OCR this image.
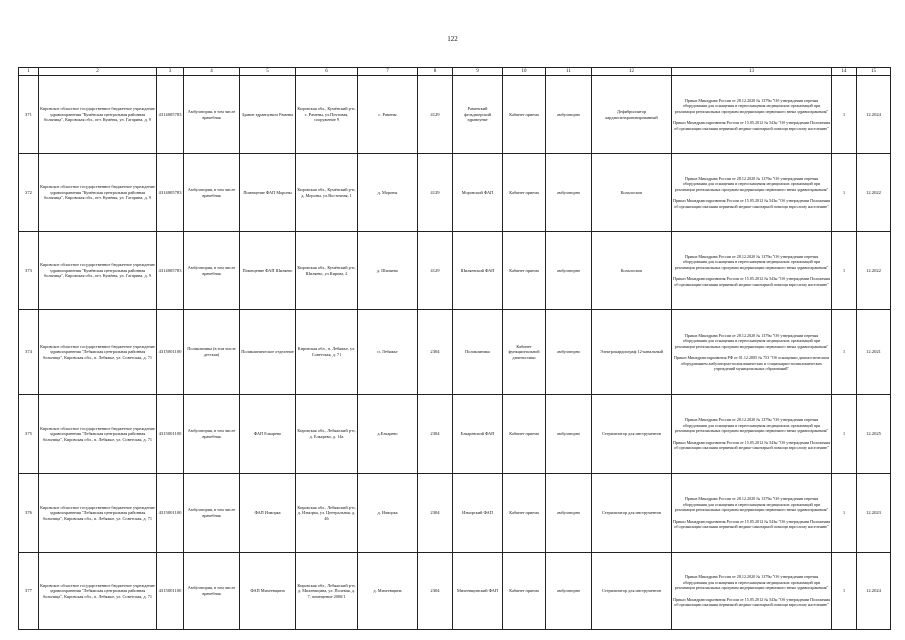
122
1	2	3	4	5	6	7	8	9	10	11	12	13	14	15
371	Кировское областное государственное бюджетное учреждение здравоохранения "Кумёнская центральная районная больница", Кировская обл., пгт. Кумёны, ул. Гагарина, д. 9	4314005783	Амбулатория, в том числе врачебная	Здание здравпункта Рамены	Кировская обл., Кумёнский р-н, с. Рамены, ул.Почтовая, сооружение 9	с. Рамены	4129	Раменский фельдшерский здравпункт	Кабинет приема	амбулаторно	Дефибриллятор кардиосинхронизированный	Приказ Минздрава России от 28.12.2020 № 1379н "Об утверждении перечня оборудования для оснащения и переоснащения медицинских организаций при реализации региональных программ модернизации первичного звена здравоохранения"
Приказ Минздравсоцразвития России от 15.05.2012 № 543н "Об утверждении Положения об организации оказания первичной медико-санитарной помощи взрослому населению"	1	12.2024
372	Кировское областное государственное бюджетное учреждение здравоохранения "Кумёнская центральная районная больница", Кировская обл., пгт. Кумёны, ул. Гагарина, д. 9	4314005783	Амбулатория, в том числе врачебная	Помещение ФАП Мороны	Кировская обл., Кумёнский р-н, д. Мороны, ул.Восточная, 1	д. Мороны	4129	Моронский ФАП	Кабинет приема	амбулаторно	Кольпоскоп	Приказ Минздрава России от 28.12.2020 № 1379н "Об утверждении перечня оборудования для оснащения и переоснащения медицинских организаций при реализации региональных программ модернизации первичного звена здравоохранения"
Приказ Минздравсоцразвития России от 15.05.2012 № 543н "Об утверждении Положения об организации оказания первичной медико-санитарной помощи взрослому населению"	1	12.2022
373	Кировское областное государственное бюджетное учреждение здравоохранения "Кумёнская центральная районная больница", Кировская обл., пгт. Кумёны, ул. Гагарина, д. 9	4314005783	Амбулатория, в том числе врачебная	Помещение ФАП Шиляево	Кировская обл., Кумёнский р-н, Шиляево, ул.Кирова, 2	д. Шиляево	4129	Шиляевский ФАП	Кабинет приема	амбулаторно	Кольпоскоп	Приказ Минздрава России от 28.12.2020 № 1379н "Об утверждении перечня оборудования для оснащения и переоснащения медицинских организаций при реализации региональных программ модернизации первичного звена здравоохранения"
Приказ Минздравсоцразвития России от 15.05.2012 № 543н "Об утверждении Положения об организации оказания первичной медико-санитарной помощи взрослому населению"	1	12.2022
374	Кировское областное государственное бюджетное учреждение здравоохранения "Лебяжская центральная районная больница", Кировская обл., п. Лебяжье, ул. Советская, д. 71	4315001100	Поликлиника (в том числе детская)	Поликлиническое отделение	Кировская обл., п. Лебяжье, ул. Советская, д. 71	п. Лебяжье	2304	Поликлиника	Кабинет функциональной диагностики	амбулаторно	Электрокардиограф 12-канальный	Приказ Минздрава России от 28.12.2020 № 1379н "Об утверждении перечня оборудования для оснащения и переоснащения медицинских организаций при реализации региональных программ модернизации первичного звена здравоохранения"
Приказ Минздравсоцразвития РФ от 01.12.2005 № 753 "Об оснащении диагностическим оборудованием амбулаторно-поликлинических и стационарно-поликлинических учреждений муниципальных образований"	1	12.2021
375	Кировское областное государственное бюджетное учреждение здравоохранения "Лебяжская центральная районная больница", Кировская обл., п. Лебяжье, ул. Советская, д. 71	4315001100	Амбулатория, в том числе врачебная	ФАП Елкарево	Кировская обл., Лебяжский р-н, д. Елкарево, д. 14а	д.Елкарево	2304	Елкаревский ФАП	Кабинет приема	амбулаторно	Стерилизатор для инструментов	Приказ Минздрава России от 28.12.2020 № 1379н "Об утверждении перечня оборудования для оснащения и переоснащения медицинских организаций при реализации региональных программ модернизации первичного звена здравоохранения"
Приказ Минздравсоцразвития России от 15.05.2012 № 543н "Об утверждении Положения об организации оказания первичной медико-санитарной помощи взрослому населению"	1	12.2025
376	Кировское областное государственное бюджетное учреждение здравоохранения "Лебяжская центральная районная больница", Кировская обл., п. Лебяжье, ул. Советская, д. 71	4315001100	Амбулатория, в том числе врачебная	ФАП Изморка	Кировская обл., Лебяжский р-н, д. Изморка, ул. Центральная, д. 46	д. Изморка	2304	Изморский ФАП	Кабинет приема	амбулаторно	Стерилизатор для инструментов	Приказ Минздрава России от 28.12.2020 № 1379н "Об утверждении перечня оборудования для оснащения и переоснащения медицинских организаций при реализации региональных программ модернизации первичного звена здравоохранения"
Приказ Минздравсоцразвития России от 15.05.2012 № 543н "Об утверждении Положения об организации оказания первичной медико-санитарной помощи взрослому населению"	1	12.2023
377	Кировское областное государственное бюджетное учреждение здравоохранения "Лебяжская центральная районная больница", Кировская обл., п. Лебяжье, ул. Советская, д. 71	4315001100	Амбулатория, в том числе врачебная	ФАП Михеевщина	Кировская обл., Лебяжский р-н, д. Михеевщина, ул. Полевая, д. 7, помещение 2000/1	д. Михеевщина	2304	Михеевщинский ФАП	Кабинет приема	амбулаторно	Стерилизатор для инструментов	Приказ Минздрава России от 28.12.2020 № 1379н "Об утверждении перечня оборудования для оснащения и переоснащения медицинских организаций при реализации региональных программ модернизации первичного звена здравоохранения"
Приказ Минздравсоцразвития России от 15.05.2012 № 543н "Об утверждении Положения об организации оказания первичной медико-санитарной помощи взрослому населению"	1	12.2024
